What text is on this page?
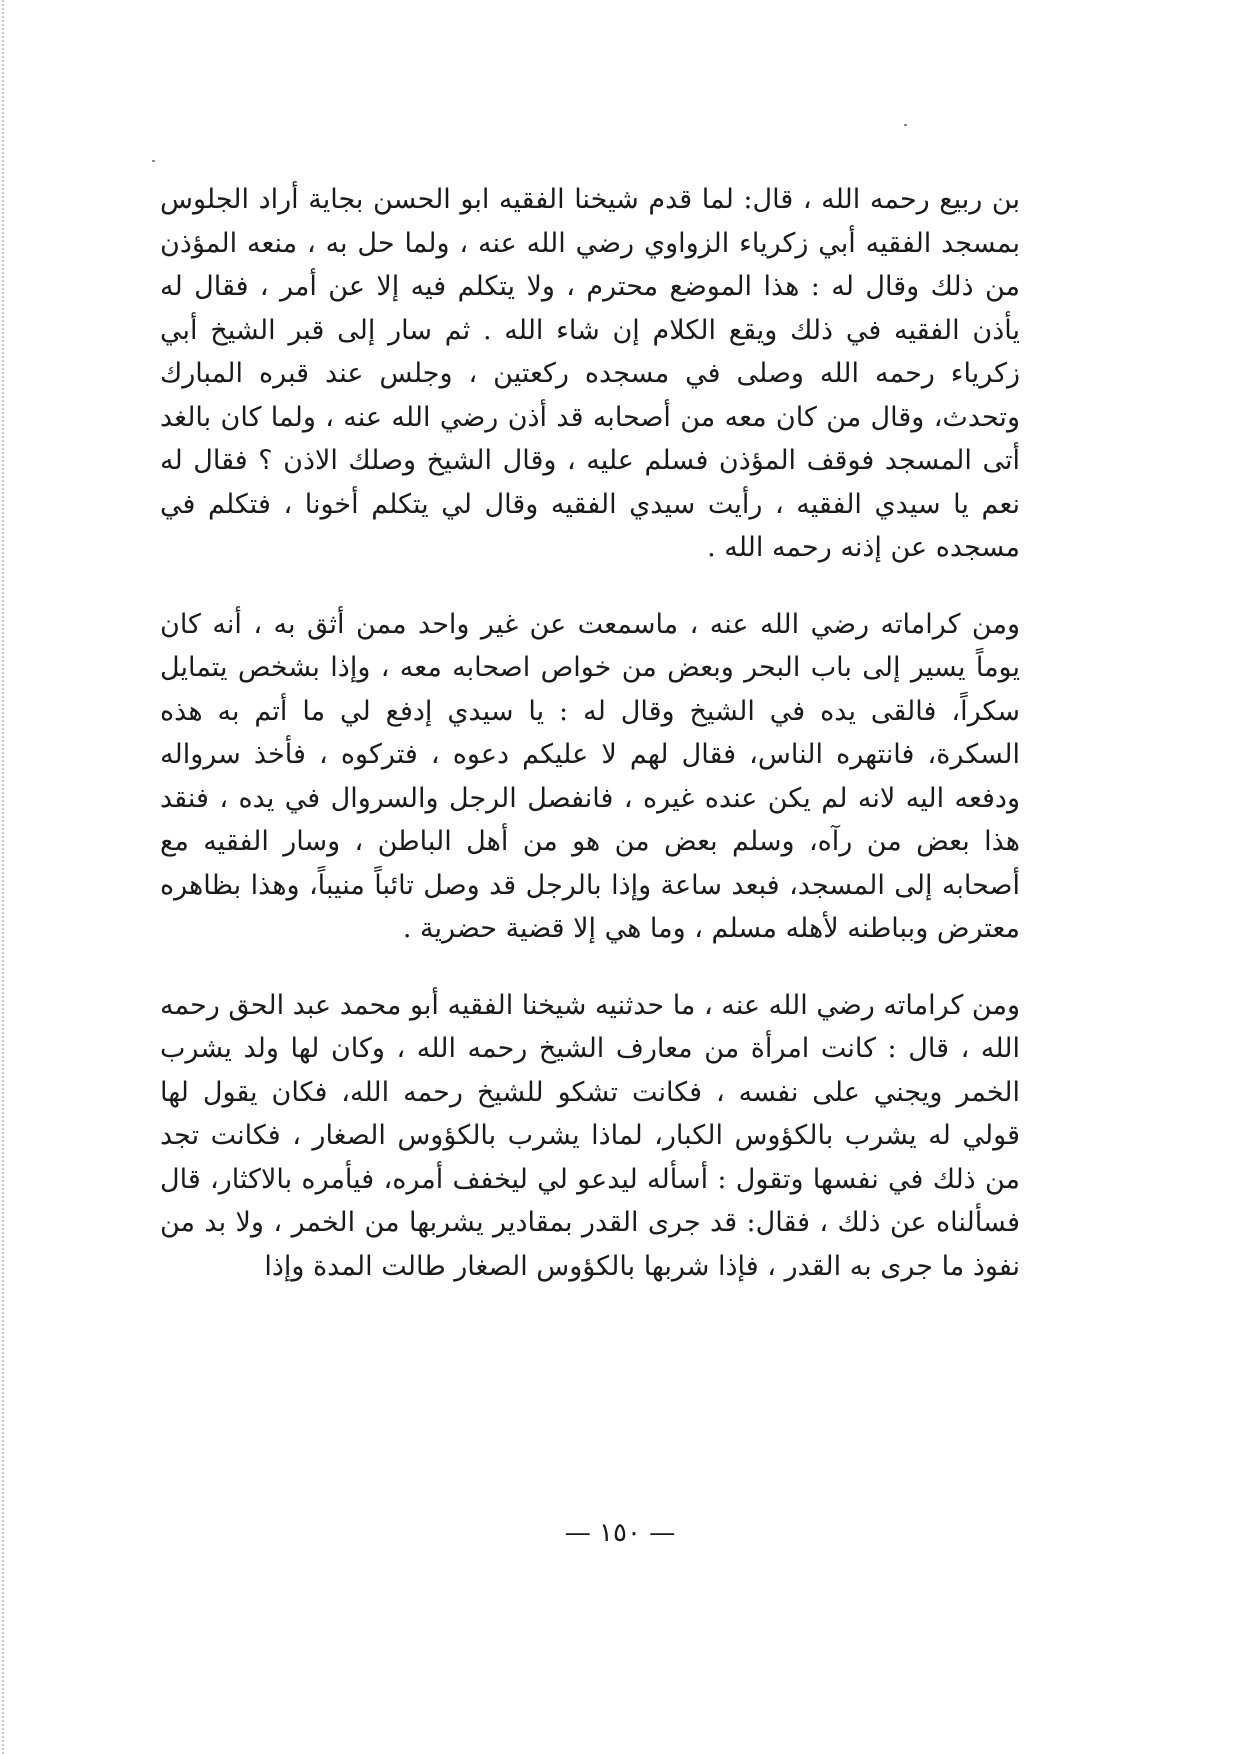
بن ربيع رحمه الله ، قال: لما قدم شيخنا الفقيه ابو الحسن بجاية أراد الجلوس بمسجد الفقيه أبي زكرياء الزواوي رضي الله عنه ، ولما حل به ، منعه المؤذن من ذلك وقال له : هذا الموضع محترم ، ولا يتكلم فيه إلا عن أمر ، فقال له يأذن الفقيه في ذلك ويقع الكلام إن شاء الله . ثم سار إلى قبر الشيخ أبي زكرياء رحمه الله وصلى في مسجده ركعتين ، وجلس عند قبره المبارك وتحدث، وقال من كان معه من أصحابه قد أذن رضي الله عنه ، ولما كان بالغد أتى المسجد فوقف المؤذن فسلم عليه ، وقال الشيخ وصلك الاذن ؟ فقال له نعم يا سيدي الفقيه ، رأيت سيدي الفقيه وقال لي يتكلم أخونا ، فتكلم في مسجده عن إذنه رحمه الله .

ومن كراماته رضي الله عنه ، ماسمعت عن غير واحد ممن أثق به ، أنه كان يوماً يسير إلى باب البحر وبعض من خواص اصحابه معه ، وإذا بشخص يتمايل سكراً، فالقى يده في الشيخ وقال له : يا سيدي إدفع لي ما أتم به هذه السكرة، فانتهره الناس، فقال لهم لا عليكم دعوه ، فتركوه ، فأخذ سرواله ودفعه اليه لانه لم يكن عنده غيره ، فانفصل الرجل والسروال في يده ، فنقد هذا بعض من رآه، وسلم بعض من هو من أهل الباطن ، وسار الفقيه مع أصحابه إلى المسجد، فبعد ساعة وإذا بالرجل قد وصل تائباً منيباً، وهذا بظاهره معترض وبباطنه لأهله مسلم ، وما هي إلا قضية حضرية .

ومن كراماته رضي الله عنه ، ما حدثنيه شيخنا الفقيه أبو محمد عبد الحق رحمه الله ، قال : كانت امرأة من معارف الشيخ رحمه الله ، وكان لها ولد يشرب الخمر ويجني على نفسه ، فكانت تشكو للشيخ رحمه الله، فكان يقول لها قولي له يشرب بالكؤوس الكبار، لماذا يشرب بالكؤوس الصغار ، فكانت تجد من ذلك في نفسها وتقول : أسأله ليدعو لي ليخفف أمره، فيأمره بالاكثار، قال فسألناه عن ذلك ، فقال: قد جرى القدر بمقادير يشربها من الخمر ، ولا بد من نفوذ ما جرى به القدر ، فإذا شربها بالكؤوس الصغار طالت المدة وإذا

— ١٥٠ —
